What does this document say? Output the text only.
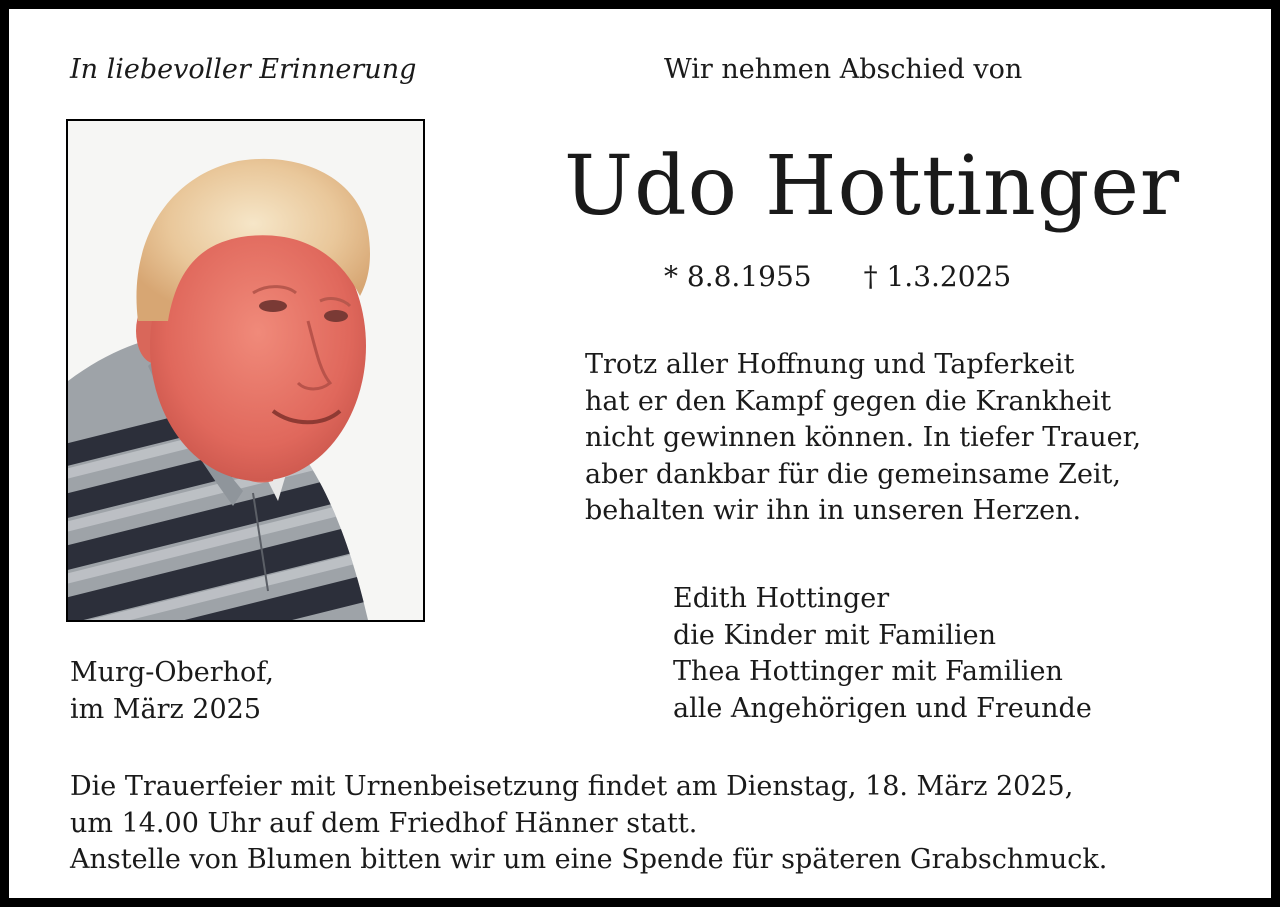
In liebevoller Erinnerung	Wir nehmen Abschied von
Udo Hottinger
* 8.8.1955 † 1.3.2025
Trotz aller Hoffnung und Tapferkeit
hat er den Kampf gegen die Krankheit
nicht gewinnen können. In tiefer Trauer,
aber dankbar für die gemeinsame Zeit,
behalten wir ihn in unseren Herzen.
Edith Hottinger
die Kinder mit Familien
Thea Hottinger mit Familien
alle Angehörigen und Freunde
Murg-Oberhof,
im März 2025
Die Trauerfeier mit Urnenbeisetzung findet am Dienstag, 18. März 2025,
um 14.00 Uhr auf dem Friedhof Hänner statt.
Anstelle von Blumen bitten wir um eine Spende für späteren Grabschmuck.
